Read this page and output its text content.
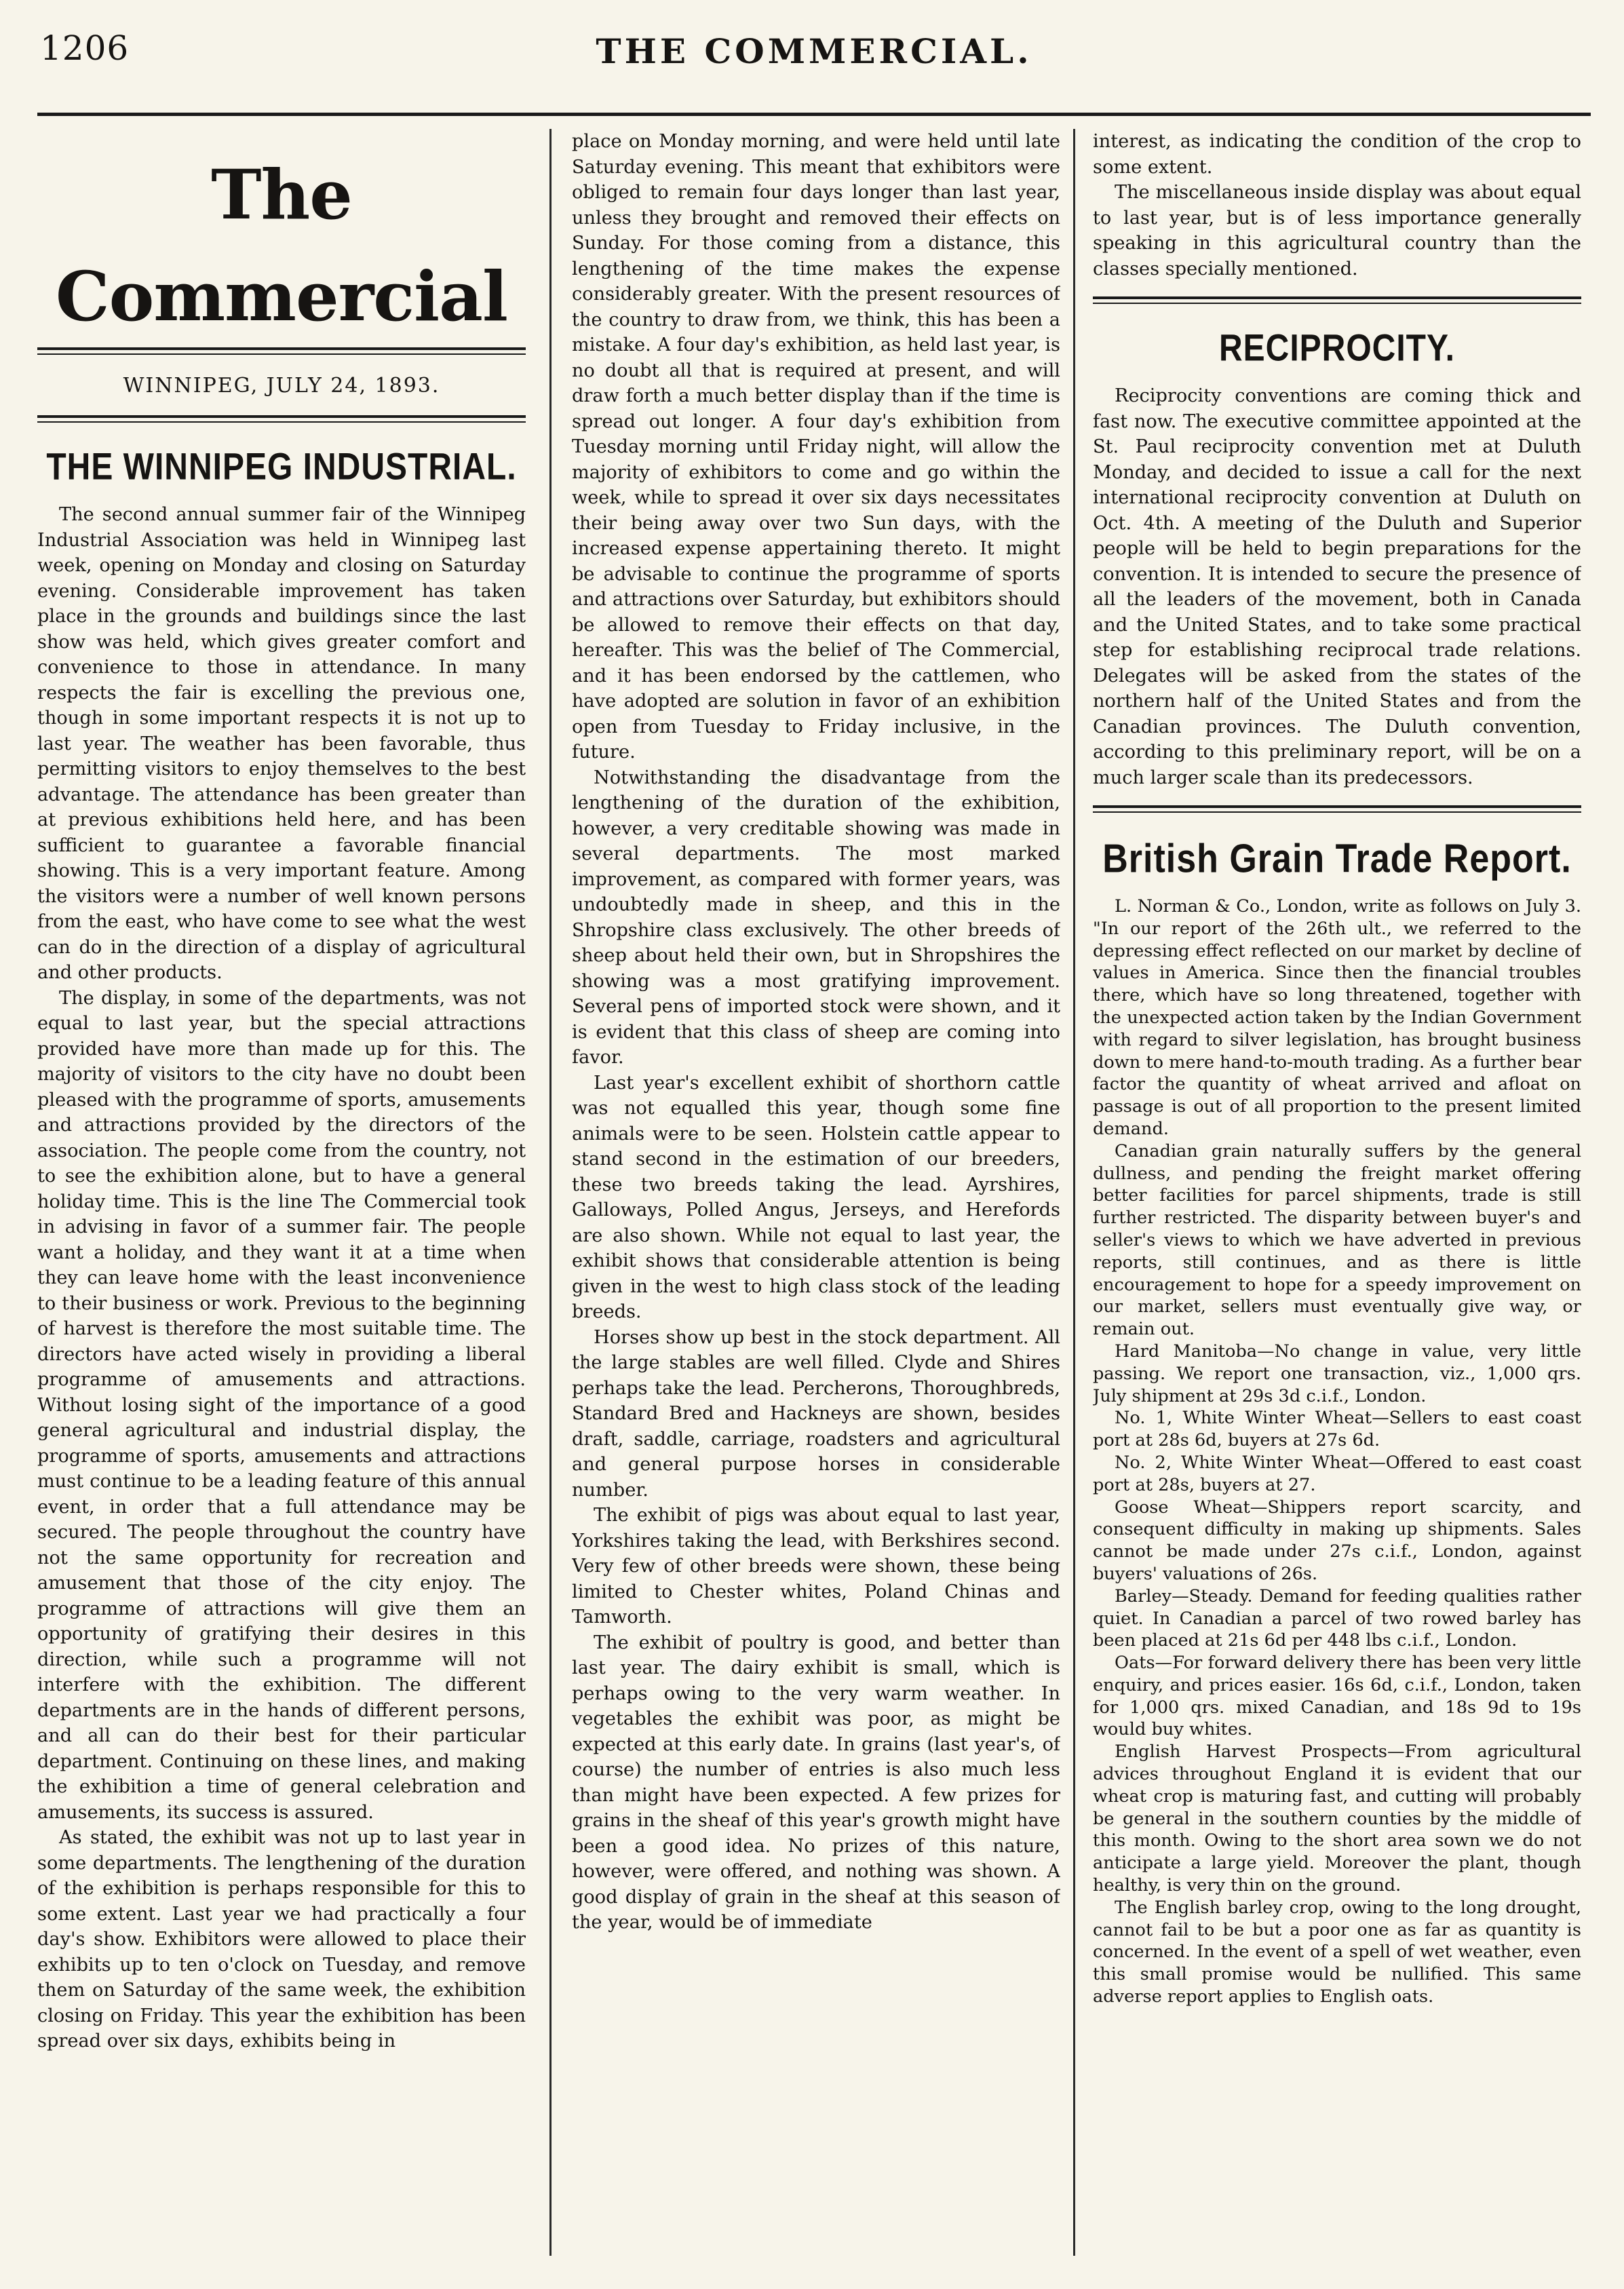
1206	THE COMMERCIAL.
The Commercial
WINNIPEG, JULY 24, 1893.
THE WINNIPEG INDUSTRIAL.

The second annual summer fair of the Winnipeg Industrial Association was held in Winnipeg last week, opening on Monday and closing on Saturday evening. Considerable improvement has taken place in the grounds and buildings since the last show was held, which gives greater comfort and convenience to those in attendance. In many respects the fair is excelling the previous one, though in some important respects it is not up to last year. The weather has been favorable, thus permitting visitors to enjoy themselves to the best advantage. The attendance has been greater than at previous exhibitions held here, and has been sufficient to guarantee a favorable financial showing. This is a very important feature. Among the visitors were a number of well known persons from the east, who have come to see what the west can do in the direction of a display of agricultural and other products.

The display, in some of the departments, was not equal to last year, but the special attractions provided have more than made up for this. The majority of visitors to the city have no doubt been pleased with the programme of sports, amusements and attractions provided by the directors of the association. The people come from the country, not to see the exhibition alone, but to have a general holiday time. This is the line The Commercial took in advising in favor of a summer fair. The people want a holiday, and they want it at a time when they can leave home with the least inconvenience to their business or work. Previous to the beginning of harvest is therefore the most suitable time. The directors have acted wisely in providing a liberal programme of amusements and attractions. Without losing sight of the importance of a good general agricultural and industrial display, the programme of sports, amusements and attractions must continue to be a leading feature of this annual event, in order that a full attendance may be secured. The people throughout the country have not the same opportunity for recreation and amusement that those of the city enjoy. The programme of attractions will give them an opportunity of gratifying their desires in this direction, while such a programme will not interfere with the exhibition. The different departments are in the hands of different persons, and all can do their best for their particular department. Continuing on these lines, and making the exhibition a time of general celebration and amusements, its success is assured.

As stated, the exhibit was not up to last year in some departments. The lengthening of the duration of the exhibition is perhaps responsible for this to some extent. Last year we had practically a four day's show. Exhibitors were allowed to place their exhibits up to ten o'clock on Tuesday, and remove them on Saturday of the same week, the exhibition closing on Friday. This year the exhibition has been spread over six days, exhibits being in

place on Monday morning, and were held until late Saturday evening. This meant that exhibitors were obliged to remain four days longer than last year, unless they brought and removed their effects on Sunday. For those coming from a distance, this lengthening of the time makes the expense considerably greater. With the present resources of the country to draw from, we think, this has been a mistake. A four day's exhibition, as held last year, is no doubt all that is required at present, and will draw forth a much better display than if the time is spread out longer. A four day's exhibition from Tuesday morning until Friday night, will allow the majority of exhibitors to come and go within the week, while to spread it over six days necessitates their being away over two Sun days, with the increased expense appertaining thereto. It might be advisable to continue the programme of sports and attractions over Saturday, but exhibitors should be allowed to remove their effects on that day, hereafter. This was the belief of The Commercial, and it has been endorsed by the cattlemen, who have adopted are solution in favor of an exhibition open from Tuesday to Friday inclusive, in the future.

Notwithstanding the disadvantage from the lengthening of the duration of the exhibition, however, a very creditable showing was made in several departments. The most marked improvement, as compared with former years, was undoubtedly made in sheep, and this in the Shropshire class exclusively. The other breeds of sheep about held their own, but in Shropshires the showing was a most gratifying improvement. Several pens of imported stock were shown, and it is evident that this class of sheep are coming into favor.

Last year's excellent exhibit of shorthorn cattle was not equalled this year, though some fine animals were to be seen. Holstein cattle appear to stand second in the estimation of our breeders, these two breeds taking the lead. Ayrshires, Galloways, Polled Angus, Jerseys, and Herefords are also shown. While not equal to last year, the exhibit shows that considerable attention is being given in the west to high class stock of the leading breeds.

Horses show up best in the stock department. All the large stables are well filled. Clyde and Shires perhaps take the lead. Percherons, Thoroughbreds, Standard Bred and Hackneys are shown, besides draft, saddle, carriage, roadsters and agricultural and general purpose horses in considerable number.

The exhibit of pigs was about equal to last year, Yorkshires taking the lead, with Berkshires second. Very few of other breeds were shown, these being limited to Chester whites, Poland Chinas and Tamworth.

The exhibit of poultry is good, and better than last year. The dairy exhibit is small, which is perhaps owing to the very warm weather. In vegetables the exhibit was poor, as might be expected at this early date. In grains (last year's, of course) the number of entries is also much less than might have been expected. A few prizes for grains in the sheaf of this year's growth might have been a good idea. No prizes of this nature, however, were offered, and nothing was shown. A good display of grain in the sheaf at this season of the year, would be of immediate

interest, as indicating the condition of the crop to some extent.

The miscellaneous inside display was about equal to last year, but is of less importance generally speaking in this agricultural country than the classes specially mentioned.

RECIPROCITY.

Reciprocity conventions are coming thick and fast now. The executive committee appointed at the St. Paul reciprocity convention met at Duluth Monday, and decided to issue a call for the next international reciprocity convention at Duluth on Oct. 4th. A meeting of the Duluth and Superior people will be held to begin preparations for the convention. It is intended to secure the presence of all the leaders of the movement, both in Canada and the United States, and to take some practical step for establishing reciprocal trade relations. Delegates will be asked from the states of the northern half of the United States and from the Canadian provinces. The Duluth convention, according to this preliminary report, will be on a much larger scale than its predecessors.

British Grain Trade Report.

L. Norman & Co., London, write as follows on July 3. "In our report of the 26th ult., we referred to the depressing effect reflected on our market by decline of values in America. Since then the financial troubles there, which have so long threatened, together with the unexpected action taken by the Indian Government with regard to silver legislation, has brought business down to mere hand-to-mouth trading. As a further bear factor the quantity of wheat arrived and afloat on passage is out of all proportion to the present limited demand.

Canadian grain naturally suffers by the general dullness, and pending the freight market offering better facilities for parcel shipments, trade is still further restricted. The disparity between buyer's and seller's views to which we have adverted in previous reports, still continues, and as there is little encouragement to hope for a speedy improvement on our market, sellers must eventually give way, or remain out.

Hard Manitoba—No change in value, very little passing. We report one transaction, viz., 1,000 qrs. July shipment at 29s 3d c.i.f., London.

No. 1, White Winter Wheat—Sellers to east coast port at 28s 6d, buyers at 27s 6d.

No. 2, White Winter Wheat—Offered to east coast port at 28s, buyers at 27.

Goose Wheat—Shippers report scarcity, and consequent difficulty in making up shipments. Sales cannot be made under 27s c.i.f., London, against buyers' valuations of 26s.

Barley—Steady. Demand for feeding qualities rather quiet. In Canadian a parcel of two rowed barley has been placed at 21s 6d per 448 lbs c.i.f., London.

Oats—For forward delivery there has been very little enquiry, and prices easier. 16s 6d, c.i.f., London, taken for 1,000 qrs. mixed Canadian, and 18s 9d to 19s would buy whites.

English Harvest Prospects—From agricultural advices throughout England it is evident that our wheat crop is maturing fast, and cutting will probably be general in the southern counties by the middle of this month. Owing to the short area sown we do not anticipate a large yield. Moreover the plant, though healthy, is very thin on the ground.

The English barley crop, owing to the long drought, cannot fail to be but a poor one as far as quantity is concerned. In the event of a spell of wet weather, even this small promise would be nullified. This same adverse report applies to English oats.
